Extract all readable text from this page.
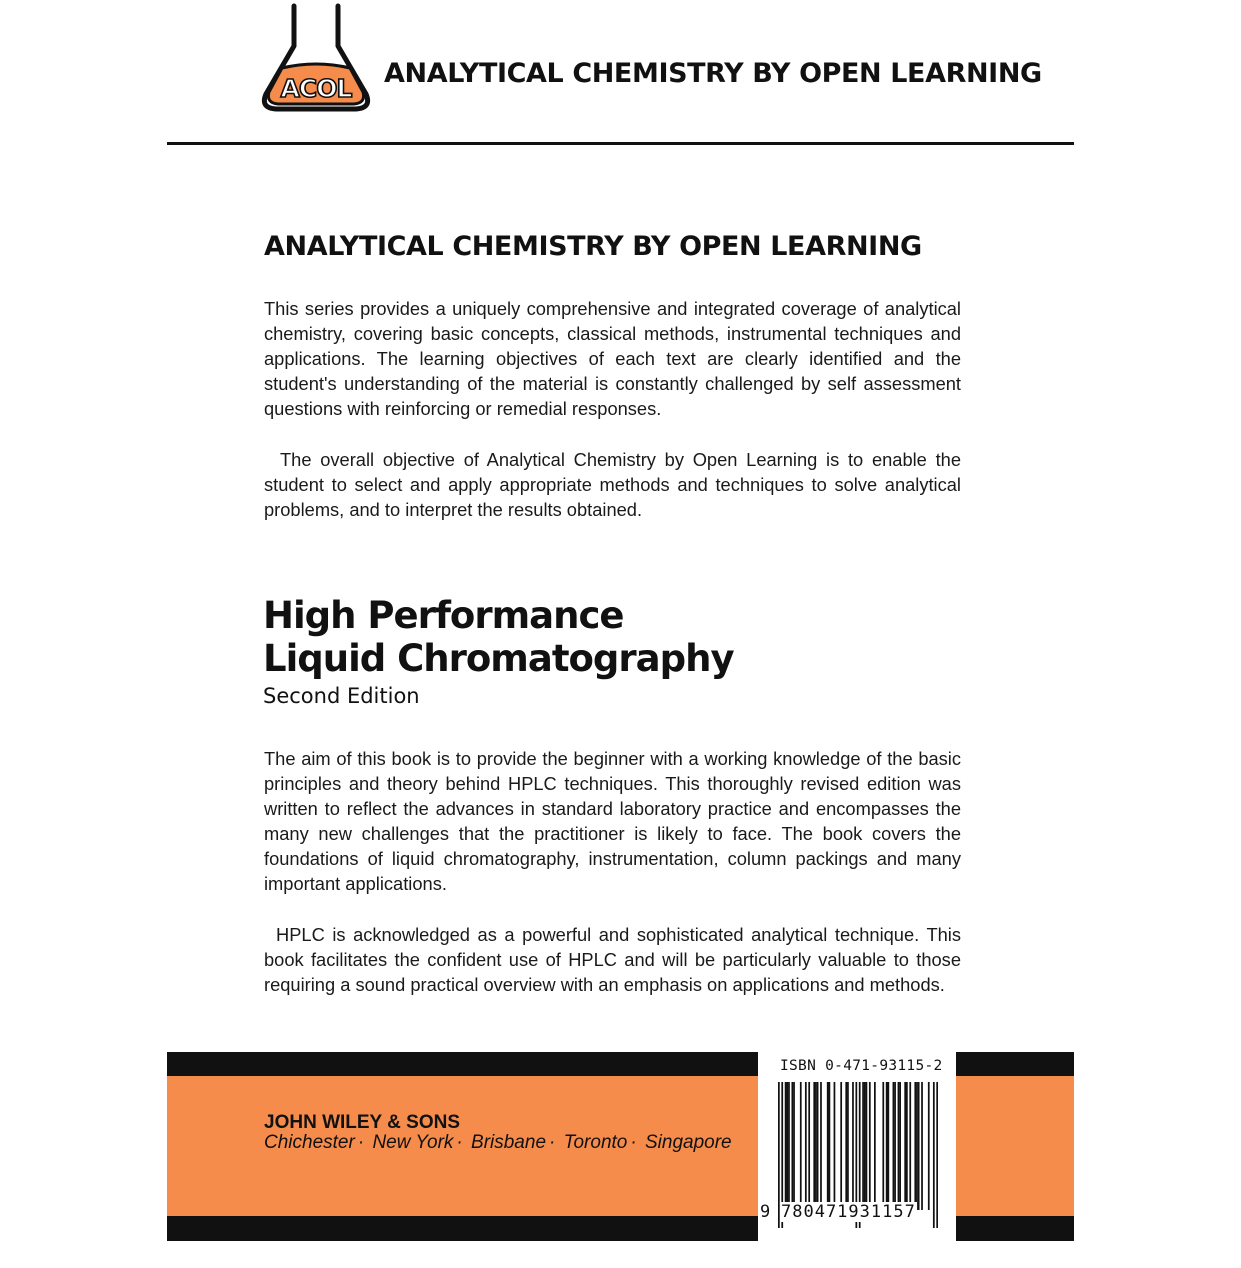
ACOL ANALYTICAL CHEMISTRY BY OPEN LEARNING
ANALYTICAL CHEMISTRY BY OPEN LEARNING
This series provides a uniquely comprehensive and integrated coverage of analytical chemistry, covering basic concepts, classical methods, instrumental techniques and applications. The learning objectives of each text are clearly identified and the student's understanding of the material is constantly challenged by self assessment questions with reinforcing or remedial responses.
The overall objective of Analytical Chemistry by Open Learning is to enable the student to select and apply appropriate methods and techniques to solve analytical problems, and to interpret the results obtained.
High Performance
Liquid Chromatography
Second Edition
The aim of this book is to provide the beginner with a working knowledge of the basic principles and theory behind HPLC techniques. This thoroughly revised edition was written to reflect the advances in standard laboratory practice and encompasses the many new challenges that the practitioner is likely to face. The book covers the foundations of liquid chromatography, instrumentation, column packings and many important applications.
HPLC is acknowledged as a powerful and sophisticated analytical technique. This book facilitates the confident use of HPLC and will be particularly valuable to those requiring a sound practical overview with an emphasis on applications and methods.
JOHN WILEY & SONS
Chichester · New York · Brisbane · Toronto · Singapore
ISBN 0-471-93115-2
9 780471931157
